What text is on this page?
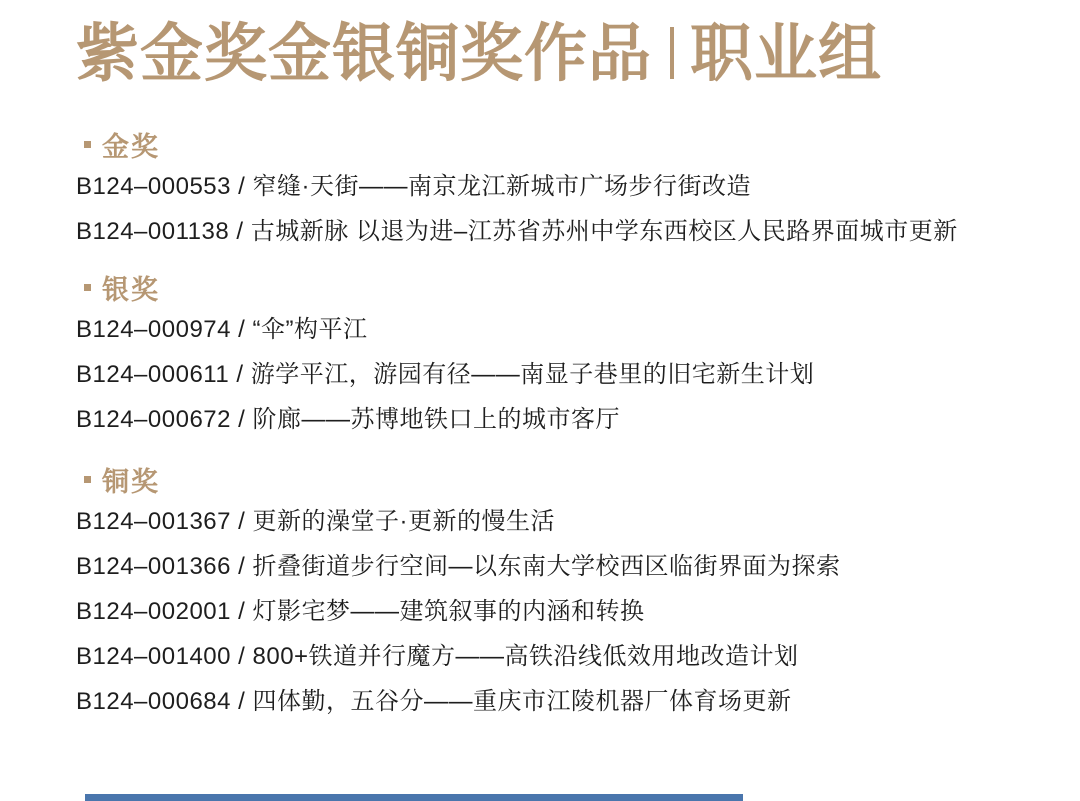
紫金奖金银铜奖作品 职业组
金奖
B124–000553 / 窄缝·天街——南京龙江新城市广场步行街改造
B124–001138 / 古城新脉 以退为进–江苏省苏州中学东西校区人民路界面城市更新
银奖
B124–000974 / “伞”构平江
B124–000611 / 游学平江，游园有径——南显子巷里的旧宅新生计划
B124–000672 / 阶廊——苏博地铁口上的城市客厅
铜奖
B124–001367 / 更新的澡堂子·更新的慢生活
B124–001366 / 折叠街道步行空间—以东南大学校西区临街界面为探索
B124–002001 / 灯影宅梦——建筑叙事的内涵和转换
B124–001400 / 800+铁道并行魔方——高铁沿线低效用地改造计划
B124–000684 / 四体勤，五谷分——重庆市江陵机器厂体育场更新
